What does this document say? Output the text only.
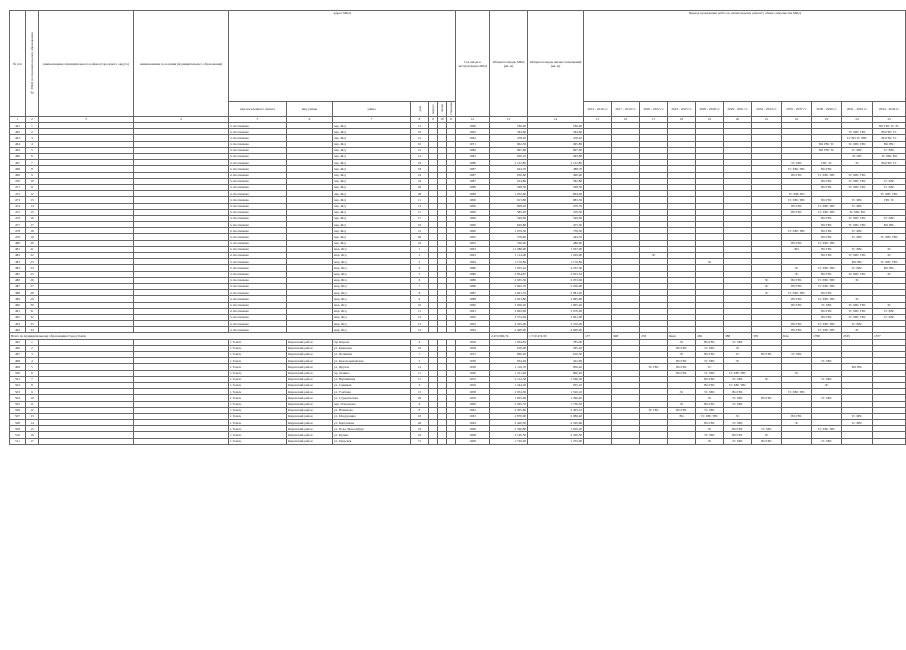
№ п/п	№ МКД по муниципальному образованию	наименование муниципального района (городского округа)	наименование поселения (муниципального образования)	Адрес МКД							Год ввода в эксплуатацию МКД	Общая площадь МКД (кв. м)	Общая площадь жилых помещений (кв. м)	Период проведения работ по капитальному ремонту общего имущества МКД										
				вид населенного пункта	вид улицы	улица	дом	корпус	литер	строение				2014 - 2016 гг.	2017 - 2019 гг.	2020 - 2022 гг.	2023 - 2025 гг.	2026 - 2028 гг.	2029 - 2031 гг.	2032 - 2034 гг.	2035 - 2037 гг.	2038 - 2040 гг.	2041 - 2043 гг.	2044 - 2046 гг.
1	2	3	4	5	6	7	8	9	10	11	12	13	14	15	16	17	18	19	20	21	22	23	24	25
461	1			п. Колпашево		пер. Ж/д	13				1960	186,90	186,90											ВО ГВС ТС ЭС
462	2			п. Колпашево		пер. Ж/д	19				1962	364,60	364,60										ТС ХВС ТВС	ВО ГВС ТС
463	3			п. Колпашево		пер. Ж/д	21				1962	478,20	478,20										ТС ВО ТС ХВС	ВО ГВС ТС
464	4			п. Колпашево		пер. Ж/д	10				1971	662,56	495,89									ВО ГВС ТС	ТС ХВС ТВС	ВО ГВС
465	5			п. Колпашево		пер. Ж/д	12				1980	897,60	697,60									ВО ГВС ТС	ТС ХВС	ТС ХВС
466	6			п. Колпашево		пер. Ж/д	14				1983	630,10	463,80										ЭС ГВС	ТС ХВС ВО
467	7			п. Колпашево		пер. Ж/д	16				1986	2 122,80	2 122,80								ТС ХВС	ГВС ЭС	ЭС	ВО ГВС ТС
468	8			п. Колпашево		пер. Ж/д	18				1987	644,70	488,70								ТС ХВС ТВС	ВО ГВС		
469	9			п. Колпашево		пер. Ж/д	22				1987	650,60	496,90								ВО ГВС	ТС ХВС ТВС	ТС ХВС ТВС	
470	10			п. Колпашево		пер. Ж/д	24				1987	914,80	582,80									ВО ГВС	ТС ХВС ТВС	ТС ХВС
471	11			п. Колпашево		пер. Ж/д	26				1989	568,30	568,30									ВО ГВС	ТС ХВС ТВС	ТС ХВС
472	12			п. Колпашево		пер. Ж/д	28				1989	1 052,60	804,00								ТС ХВС ВО			ТС ХВС ТВС
473	13			п. Колпашево		пер. Ж/д	11				1990	913,80	683,50								ТС ХВС ТВС	ВО ГВС	ТС ХВС	ГВС ТС
474	14			п. Колпашево		пер. Ж/д	13				1990	608,20	470,70								ВО ГВС	ТС ХВС ТВС	ТС ХВС	
475	15			п. Колпашево		пер. Ж/д	15				1990	585,20	470,30								ВО ГВС	ТС ХВС ТВС	ТС ХВС ВО	
476	16			п. Колпашево		пер. Ж/д	17				1990	549,00	549,00									ВО ГВС	ТС ХВС ТВС	ТС ХВС
477	17			п. Колпашево		пер. Ж/д	19				1990	629,80	475,50									ВО ГВС	ТС ХВС ТВС	ВО ГВС
478	18			п. Колпашево		пер. Ж/д	21				1990	1 079,30	758,30								ТС ХВС ТВС	ВО ГВС	ТС ХВС	
479	19			п. Колпашево		пер. Ж/д	20				1992	576,60	444,70									ВО ГВС	ТС ХВС	ТС ХВС ТВС
480	20			п. Колпашево		пер. Ж/д	22				1993	700,00	486,00								ВО ГВС	ТС ХВС ТВС		
481	21			п. Колпашево		мкр. Ж/д	1				1963	11 286,00	1 037,90								ВО	ВО ГВС	ТС ХВС	ЭС
482	22			п. Колпашево		мкр. Ж/д	2				1963	1 114,00	1 029,00			ЭС						ВО ГВС	ТС ХВС ТВС	ЭС
483	23			п. Колпашево		мкр. Ж/д	3				1964	1 170,80	1 170,80					ЭС					ВО ГВС	ТС ХВС ТВС
484	24			п. Колпашево		мкр. Ж/д	4				1980	1 035,42	2 235,30								ЭС	ТС ХВС ТВС	ТС ХВС	ВО ГВС
485	25			п. Колпашево		мкр. Ж/д	5				1986	2 834,87	2 025,32								ЭС	ВО ГВС	ТС ХВС ТВС	ЭС
486	26			п. Колпашево		мкр. Ж/д	6				1986	2 635,30	2 053,00							ЭС	ВО ГВС	ТС ХВС ТВС	ЭС	
487	27			п. Колпашево		мкр. Ж/д	7				1986	2 692,70	2 030,00							ЭС	ВО ГВС	ТС ХВС ТВС		
488	28			п. Колпашево		мкр. Ж/д	8				1987	2 601,55	2 081,20							ЭС	ТС ХВС ТВС	ВО ГВС		
489	29			п. Колпашево		мкр. Ж/д	9				1988	2 623,80	2 085,60								ВО ГВС	ТС ХВС ТВС	ЭС	
490	30			п. Колпашево		мкр. Ж/д	10				1990	2 636,20	1 995,40								ВО ГВС	ТС ХВС	ТС ХВС ТВС	ЭС
491	31			п. Колпашево		мкр. Ж/д	11				1991	3 602,00	2 670,00									ВО ГВС	ТС ХВС ТВС	ТС ХВС
492	32			п. Колпашево		мкр. Ж/д	12				1992	3 574,40	2 661,00									ВО ГВС	ТС ХВС ТВС	ТС ХВС
493	33			п. Колпашево		мкр. Ж/д	13				1993	4 435,00	3 310,00								ВО ГВС	ТС ХВС ТВС	ТС ХВС	
494	34			п. Колпашево		мкр. Ж/д	14				1994	5 400,00	4 000,00								ВО ГВС	ТС ХВС ТВС	ЭС	
Всего по муниципальному образованию Город Томск												2 474 900,74	1 710 474,33	177	348	233	Бков	456	388	370	Бсм	1798	2533	1577
495	1			г. Томск	Кировский район	пр. Кирова	4				1926	1 034,85	785,00				ЭС	ВО ГВС	ТС ХВС					
496	2			г. Томск	Кировский район	ул. Киевская	19				1928	610,00	395,20				ВО ГВС	ТС ХВС	ЭС					
497	3			г. Томск	Кировский район	ул. Пушкина	7				1931	820,20	610,30				ЭС	ВО ГВС	ТС	ВО ГВС	ТС ХВС			
498	4			г. Томск	Кировский район	ул. Красноармейская	5				1936	634,20	452,90				ВО ГВС	ТС ХВС	ЭС			ТС ХВС		
499	5			г. Томск	Кировский район	ул. Фрунзе	12				1938	1 116,70	830,40			ЭС ГВС	ВО ГВС	ТС					ВО ГВС	
500	6			г. Томск	Кировский район	пр. Ленина	11				1940	1 311,40	890,20				ВО ГВС	ТС ХВС	ТС ХВС ТВС		ЭС			
501	7			г. Томск	Кировский район	ул. Вершинина	17				1952	2 112,50	1 566,30					ВО ГВС	ТС ХВС	ЭС		ТС ХВС		
502	8			г. Томск	Кировский район	ул. Савиных	3				1956	1 244,20	935,10					ВО ГВС	ТС ХВС ТВС			ЭС		
503	9			г. Томск	Кировский район	ул. Учебная	15				1958	2 054,30	1 520,10				ЭС	ТС ХВС	ВО ГВС		ТС ХВС ТВС			
504	10			г. Томск	Кировский район	ул. Студенческая	29				1959	1 835,60	1 390,40					ЭС	ТС ХВС	ВО ГВС		ТС ХВС		
505	11			г. Томск	Кировский район	пер. Плеханова	6				1960	2 265,70	1 730,50				ЭС	ВО ГВС	ТС ХВС					
506	12			г. Томск	Кировский район	ул. Нахимова	8				1962	3 205,80	2 403,10			ЭС ГВС	ВО ГВС	ТС ХВС						
507	13			г. Томск	Кировский район	ул. Мокрушина	10				1963	2 870,00	2 086,40				ВО	ТС ХВС ТВС	ЭС		ВО ГВС		ТС ХВС	
508	14			г. Томск	Кировский район	ул. Карташова	26				1964	3 420,30	2 520,60					ВО ГВС	ТС ХВС		ЭС		ТС ХВС	
509	15			г. Томск	Кировский район	ул. Розы Люксембург	19				1966	2 560,80	1 810,20					ЭС	ВО ГВС	ТС ХВС		ТС ХВС ТВС		
510	16			г. Томск	Кировский район	ул. Кулева	22				1968	3 140,50	2 320,30					ТС ХВС	ВО ГВС	ЭС				
511	17			г. Томск	Кировский район	ул. Тверская	71				1969	1 720,40	1 255,00					ЭС	ТС ХВС	ВО ГВС		ТС ХВС		
